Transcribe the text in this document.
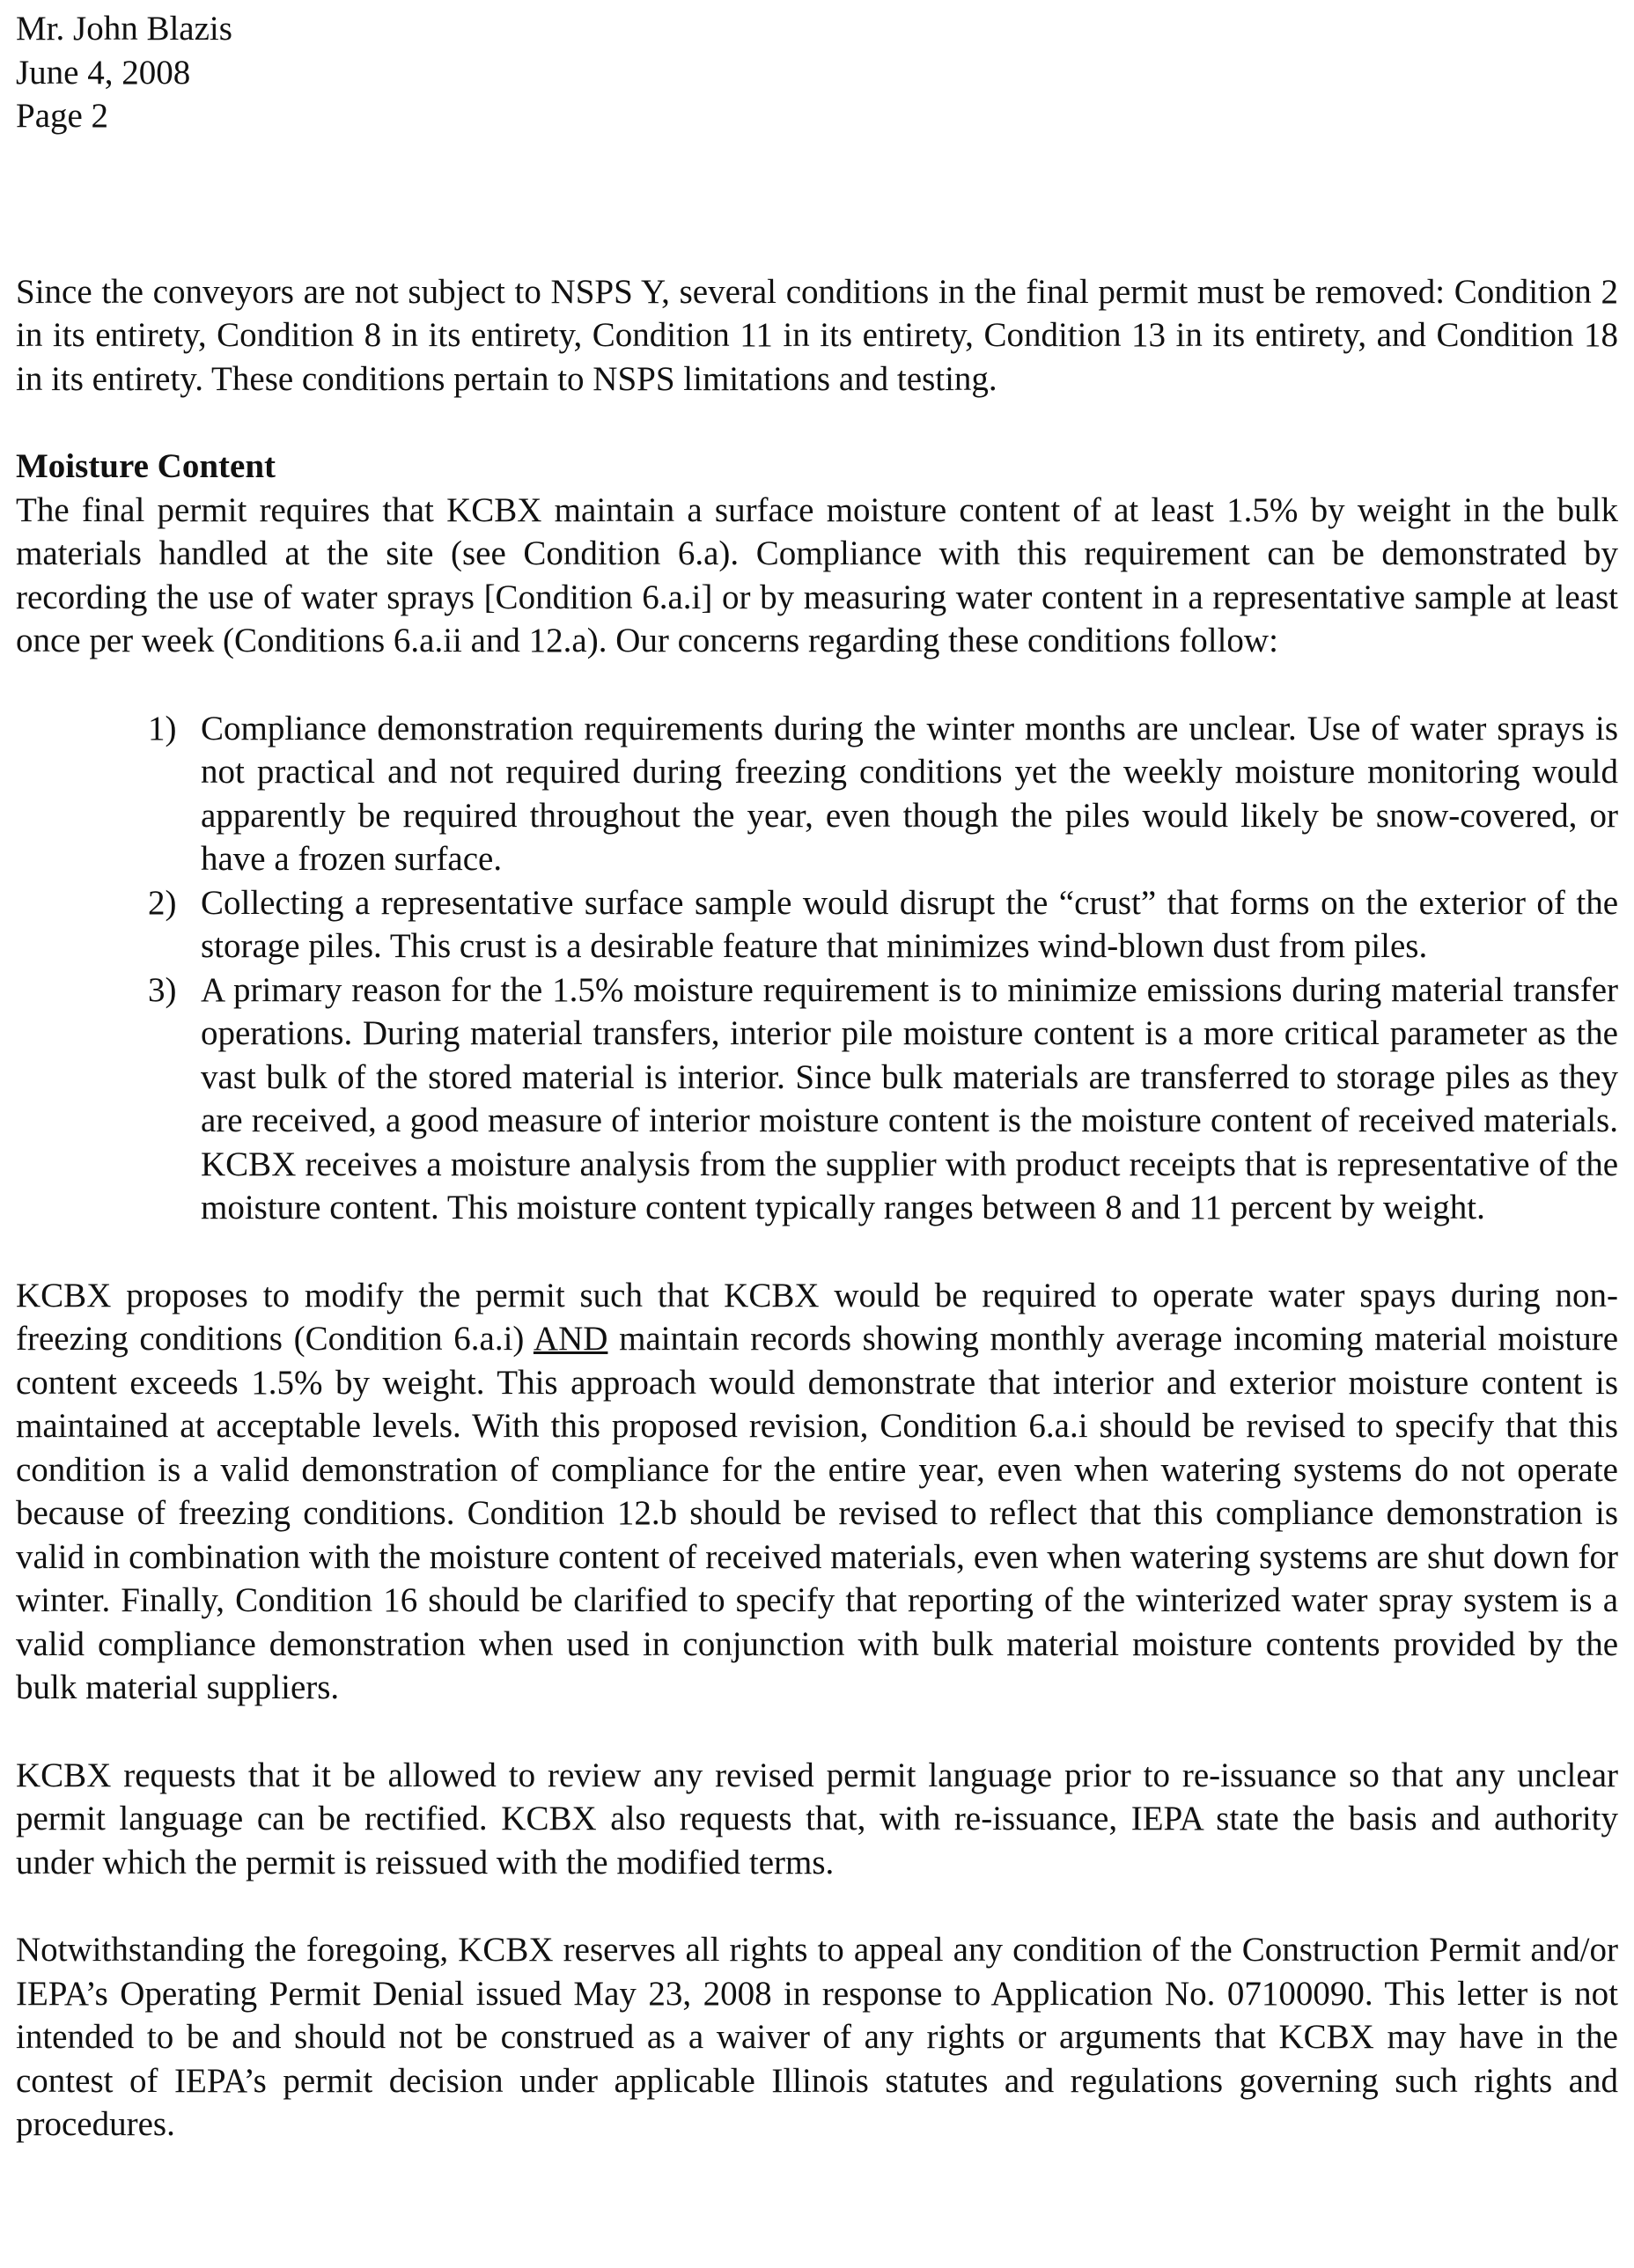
Mr. John Blazis
June 4, 2008
Page 2

Since the conveyors are not subject to NSPS Y, several conditions in the final permit must be removed: Condition 2 in its entirety, Condition 8 in its entirety, Condition 11 in its entirety, Condition 13 in its entirety, and Condition 18 in its entirety. These conditions pertain to NSPS limitations and testing.

Moisture Content

The final permit requires that KCBX maintain a surface moisture content of at least 1.5% by weight in the bulk materials handled at the site (see Condition 6.a). Compliance with this requirement can be demonstrated by recording the use of water sprays [Condition 6.a.i] or by measuring water content in a representative sample at least once per week (Conditions 6.a.ii and 12.a). Our concerns regarding these conditions follow:

1) Compliance demonstration requirements during the winter months are unclear. Use of water sprays is not practical and not required during freezing conditions yet the weekly moisture monitoring would apparently be required throughout the year, even though the piles would likely be snow-covered, or have a frozen surface.
2) Collecting a representative surface sample would disrupt the “crust” that forms on the exterior of the storage piles. This crust is a desirable feature that minimizes wind-blown dust from piles.
3) A primary reason for the 1.5% moisture requirement is to minimize emissions during material transfer operations. During material transfers, interior pile moisture content is a more critical parameter as the vast bulk of the stored material is interior. Since bulk materials are transferred to storage piles as they are received, a good measure of interior moisture content is the moisture content of received materials. KCBX receives a moisture analysis from the supplier with product receipts that is representative of the moisture content. This moisture content typically ranges between 8 and 11 percent by weight.

KCBX proposes to modify the permit such that KCBX would be required to operate water spays during non-freezing conditions (Condition 6.a.i) AND maintain records showing monthly average incoming material moisture content exceeds 1.5% by weight. This approach would demonstrate that interior and exterior moisture content is maintained at acceptable levels. With this proposed revision, Condition 6.a.i should be revised to specify that this condition is a valid demonstration of compliance for the entire year, even when watering systems do not operate because of freezing conditions. Condition 12.b should be revised to reflect that this compliance demonstration is valid in combination with the moisture content of received materials, even when watering systems are shut down for winter. Finally, Condition 16 should be clarified to specify that reporting of the winterized water spray system is a valid compliance demonstration when used in conjunction with bulk material moisture contents provided by the bulk material suppliers.

KCBX requests that it be allowed to review any revised permit language prior to re-issuance so that any unclear permit language can be rectified. KCBX also requests that, with re-issuance, IEPA state the basis and authority under which the permit is reissued with the modified terms.

Notwithstanding the foregoing, KCBX reserves all rights to appeal any condition of the Construction Permit and/or IEPA’s Operating Permit Denial issued May 23, 2008 in response to Application No. 07100090. This letter is not intended to be and should not be construed as a waiver of any rights or arguments that KCBX may have in the contest of IEPA’s permit decision under applicable Illinois statutes and regulations governing such rights and procedures.
